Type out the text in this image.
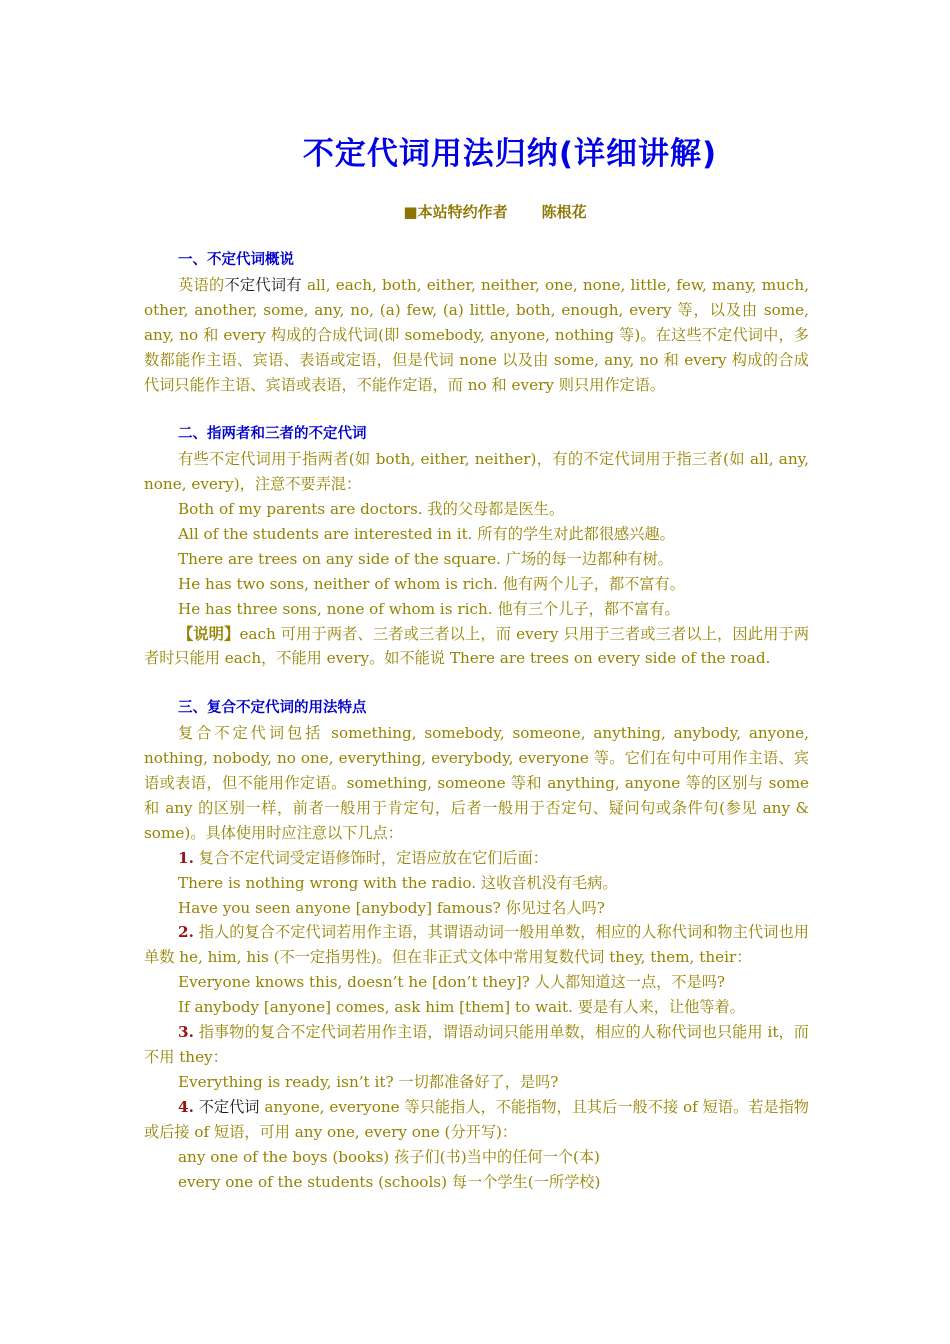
不定代词用法归纳(详细讲解)
■本站特约作者 陈根花
一、不定代词概说
英语的不定代词有 all, each, both, either, neither, one, none, little, few, many, much, other, another, some, any, no, (a) few, (a) little, both, enough, every 等，以及由 some, any, no 和 every 构成的合成代词(即 somebody, anyone, nothing 等)。在这些不定代词中，多数都能作主语、宾语、表语或定语，但是代词 none 以及由 some, any, no 和 every 构成的合成代词只能作主语、宾语或表语，不能作定语，而 no 和 every 则只用作定语。
二、指两者和三者的不定代词
有些不定代词用于指两者(如 both, either, neither)，有的不定代词用于指三者(如 all, any, none, every)，注意不要弄混：
Both of my parents are doctors. 我的父母都是医生。
All of the students are interested in it. 所有的学生对此都很感兴趣。
There are trees on any side of the square. 广场的每一边都种有树。
He has two sons, neither of whom is rich. 他有两个儿子，都不富有。
He has three sons, none of whom is rich. 他有三个儿子，都不富有。
【说明】each 可用于两者、三者或三者以上，而 every 只用于三者或三者以上，因此用于两者时只能用 each，不能用 every。如不能说 There are trees on every side of the road.
三、复合不定代词的用法特点
复合不定代词包括 something, somebody, someone, anything, anybody, anyone, nothing, nobody, no one, everything, everybody, everyone 等。它们在句中可用作主语、宾语或表语，但不能用作定语。something, someone 等和 anything, anyone 等的区别与 some 和 any 的区别一样，前者一般用于肯定句，后者一般用于否定句、疑问句或条件句(参见 any & some)。具体使用时应注意以下几点：
1. 复合不定代词受定语修饰时，定语应放在它们后面：
There is nothing wrong with the radio. 这收音机没有毛病。
Have you seen anyone [anybody] famous? 你见过名人吗?
2. 指人的复合不定代词若用作主语，其谓语动词一般用单数，相应的人称代词和物主代词也用单数 he, him, his (不一定指男性)。但在非正式文体中常用复数代词 they, them, their：
Everyone knows this, doesn’t he [don’t they]? 人人都知道这一点，不是吗?
If anybody [anyone] comes, ask him [them] to wait. 要是有人来，让他等着。
3. 指事物的复合不定代词若用作主语，谓语动词只能用单数，相应的人称代词也只能用 it，而不用 they：
Everything is ready, isn’t it? 一切都准备好了，是吗?
4. 不定代词 anyone, everyone 等只能指人，不能指物，且其后一般不接 of 短语。若是指物或后接 of 短语，可用 any one, every one (分开写)：
any one of the boys (books) 孩子们(书)当中的任何一个(本)
every one of the students (schools) 每一个学生(一所学校)
